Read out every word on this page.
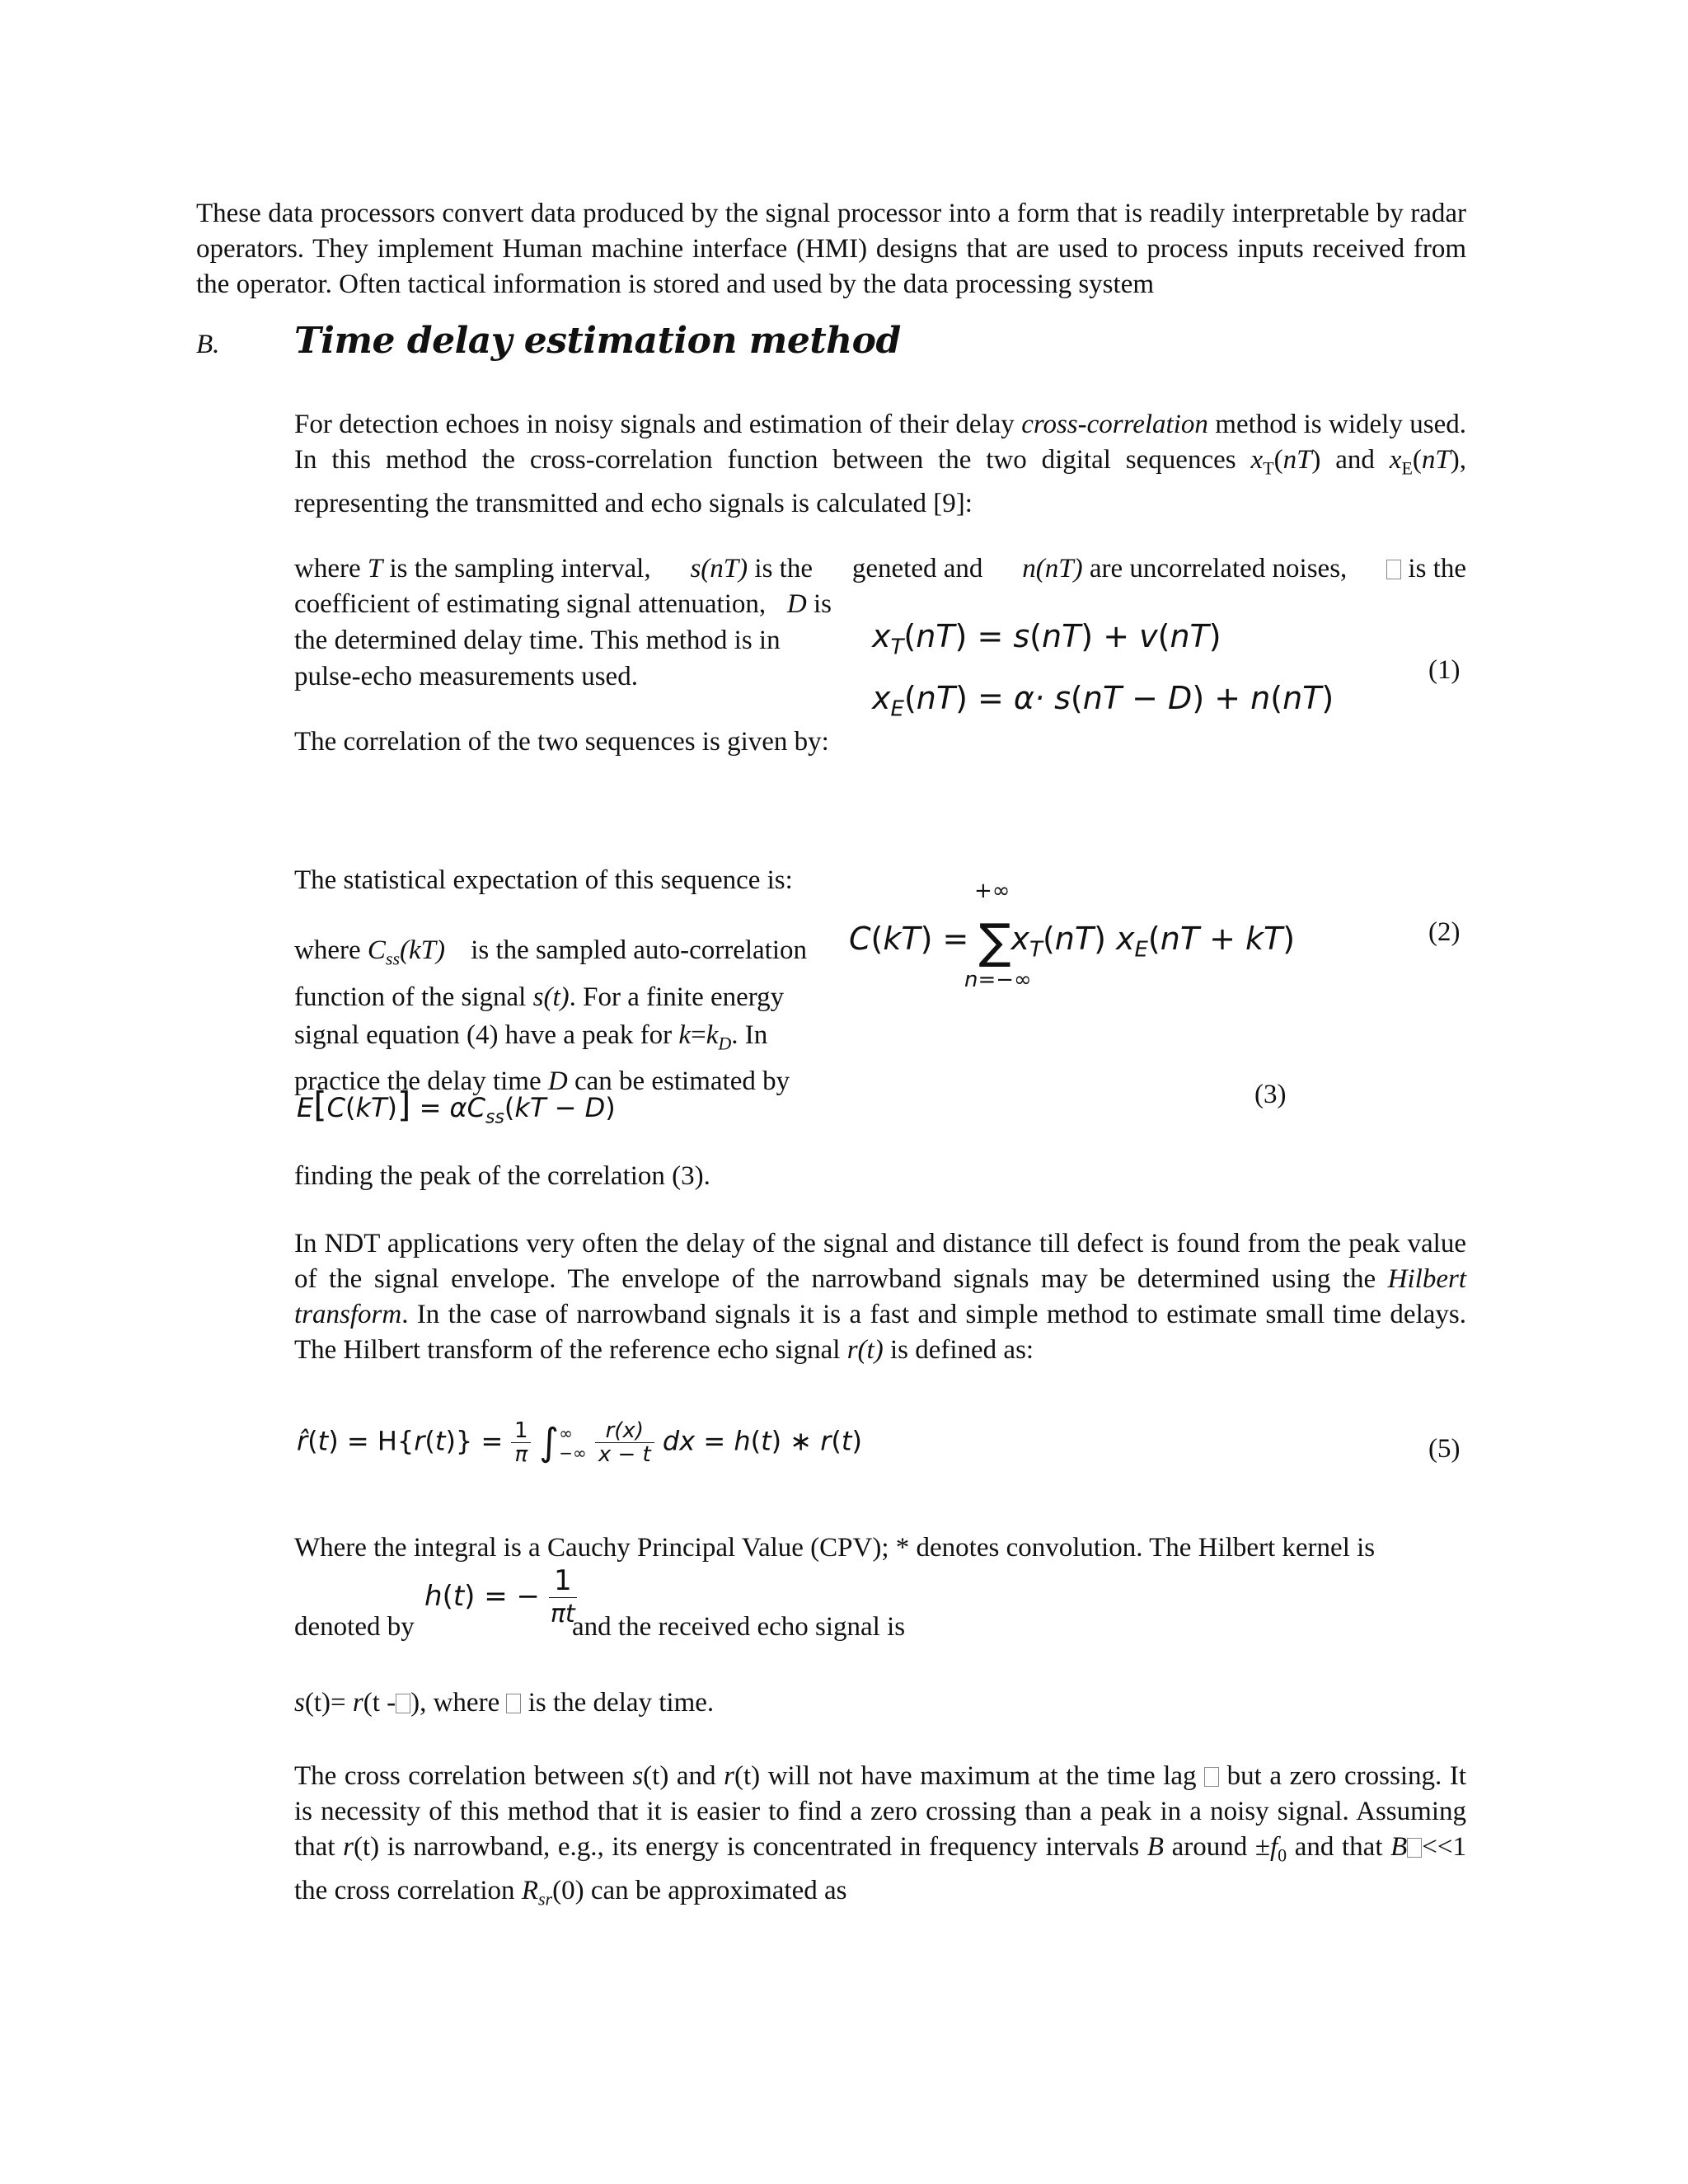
These data processors convert data produced by the signal processor into a form that is readily interpretable by radar operators. They implement Human machine interface (HMI) designs that are used to process inputs received from the operator. Often tactical information is stored and used by the data processing system

B. Time delay estimation method

For detection echoes in noisy signals and estimation of their delay cross-correlation method is widely used. In this method the cross-correlation function between the two digital sequences $x_T(nT)$ and $x_E(nT)$, representing the transmitted and echo signals is calculated [9]:

where T is the sampling interval, s(nT) is the geneted and n(nT) are uncorrelated noises,	is the
coefficient of estimating signal attenuation, D is
the determined delay time. This method is in
pulse-echo measurements used.
$x_T(nT) = s(nT) + v(nT)$
$x_E(nT) = \alpha\cdot s(nT - D) + n(nT)$
(1)
The correlation of the two sequences is given by:
The statistical expectation of this sequence is:	+∞
$C(kT) = \sum x_T(nT) x_E(nT + kT)$
n=−∞
(2)
where $C_{ss}(kT)$ is the sampled auto-correlation
function of the signal s(t). For a finite energy
signal equation (4) have a peak for $k=k_D$. In
practice the delay time D can be estimated by
$E[C(kT)] = \alpha C_{ss}(kT - D)$	(3)
finding the peak of the correlation (3).

In NDT applications very often the delay of the signal and distance till defect is found from the peak value of the signal envelope. The envelope of the narrowband signals may be determined using the Hilbert transform. In the case of narrowband signals it is a fast and simple method to estimate small time delays. The Hilbert transform of the reference echo signal r(t) is defined as:

r̂(t) = $H\{r(t)\} = \frac{1}{\pi}$ ∫ ∞
−∞
$\frac{r(x)}{x - t}$ dx = h(t) ∗ r(t)	(5)

Where the integral is a Cauchy Principal Value (CPV); * denotes convolution. The Hilbert kernel is

denoted by
h(t) = − $\frac{1}{\pi t}$
and the received echo signal is
s(t)= r(t - ), where  is the delay time.

The cross correlation between s(t) and r(t) will not have maximum at the time lag  but a zero crossing. It is necessity of this method that it is easier to find a zero crossing than a peak in a noisy signal. Assuming that r(t) is narrowband, e.g., its energy is concentrated in frequency intervals B around $\pm f_0$ and that B <<1 the cross correlation $R_{sr}(0)$ can be approximated as
